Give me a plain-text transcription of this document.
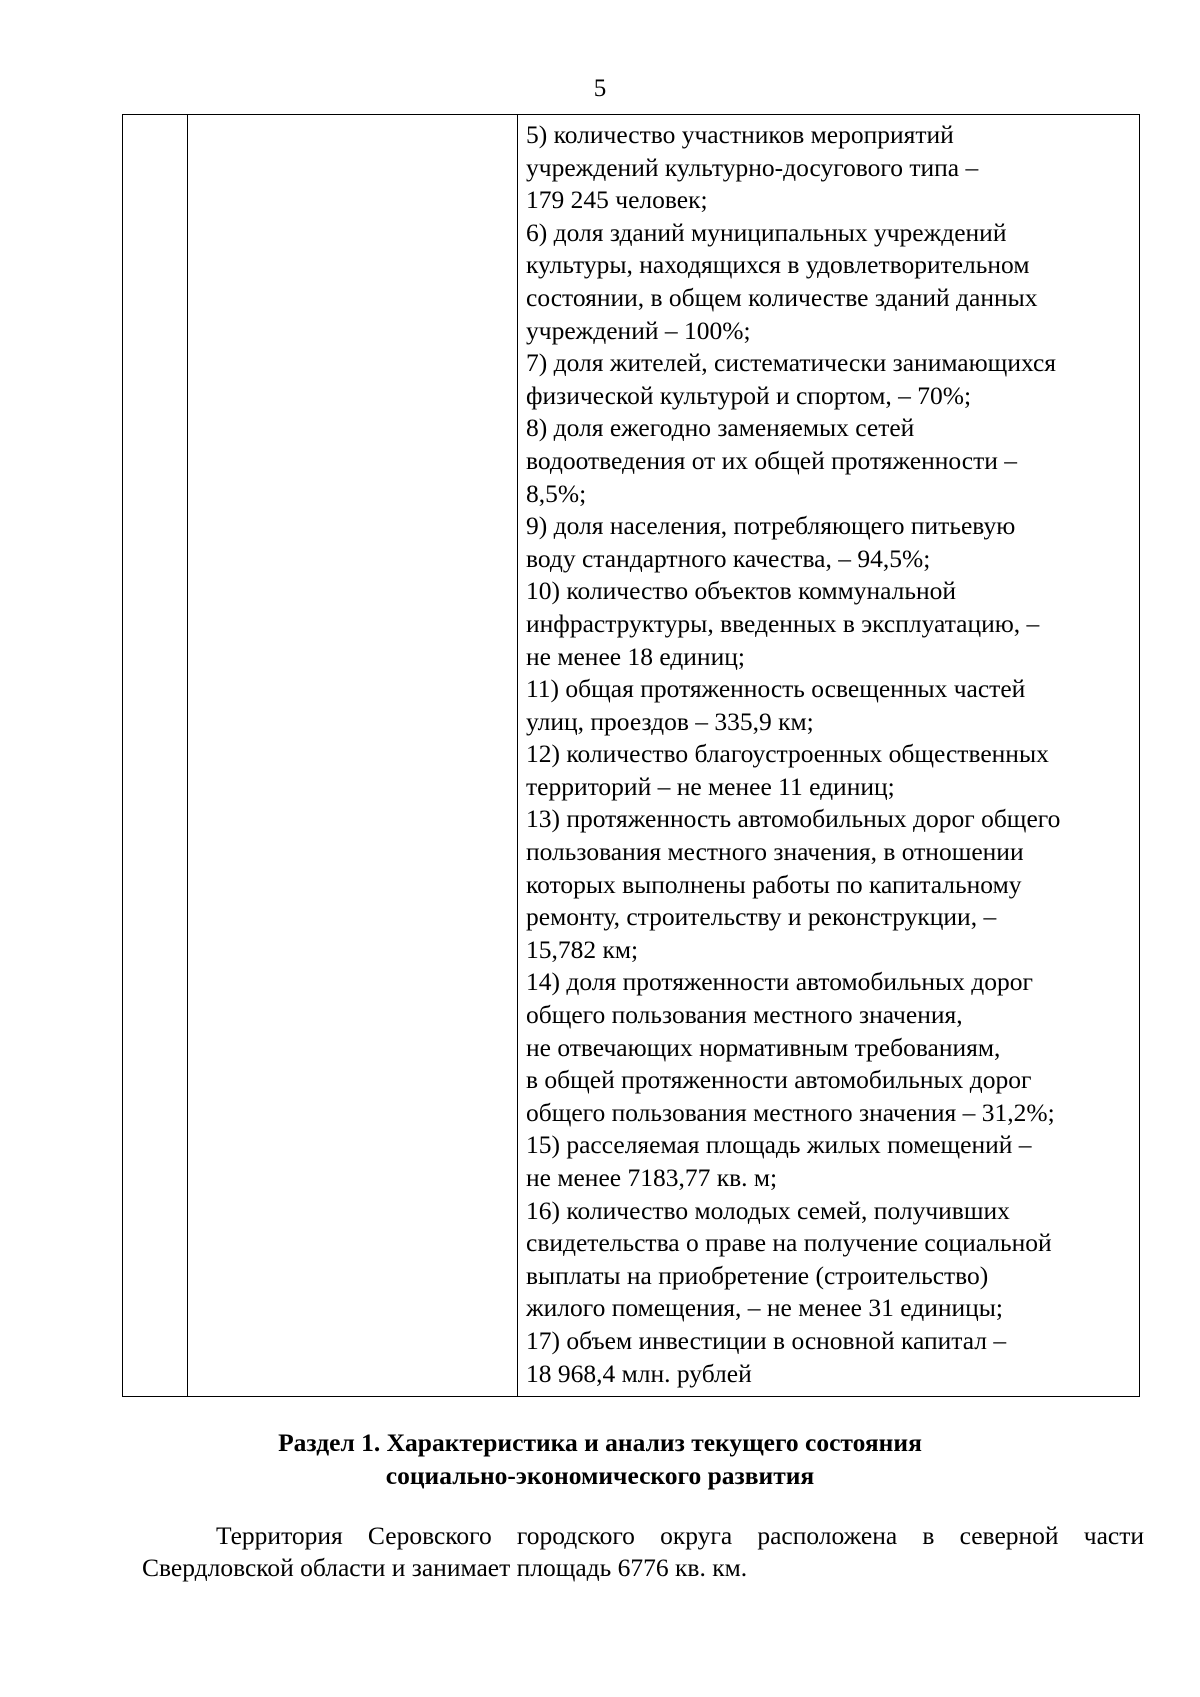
5

5) количество участников мероприятий
учреждений культурно-досугового типа –
179 245 человек;
6) доля зданий муниципальных учреждений
культуры, находящихся в удовлетворительном
состоянии, в общем количестве зданий данных
учреждений – 100%;
7) доля жителей, систематически занимающихся
физической культурой и спортом, – 70%;
8) доля ежегодно заменяемых сетей
водоотведения от их общей протяженности –
8,5%;
9) доля населения, потребляющего питьевую
воду стандартного качества, – 94,5%;
10) количество объектов коммунальной
инфраструктуры, введенных в эксплуатацию, –
не менее 18 единиц;
11) общая протяженность освещенных частей
улиц, проездов – 335,9 км;
12) количество благоустроенных общественных
территорий – не менее 11 единиц;
13) протяженность автомобильных дорог общего
пользования местного значения, в отношении
которых выполнены работы по капитальному
ремонту, строительству и реконструкции, –
15,782 км;
14) доля протяженности автомобильных дорог
общего пользования местного значения,
не отвечающих нормативным требованиям,
в общей протяженности автомобильных дорог
общего пользования местного значения – 31,2%;
15) расселяемая площадь жилых помещений –
не менее 7183,77 кв. м;
16) количество молодых семей, получивших
свидетельства о праве на получение социальной
выплаты на приобретение (строительство)
жилого помещения, – не менее 31 единицы;
17) объем инвестиции в основной капитал –
18 968,4 млн. рублей
Раздел 1. Характеристика и анализ текущего состояния
социально-экономического развития
Территория Серовского городского округа расположена в северной части
Свердловской области и занимает площадь 6776 кв. км.
